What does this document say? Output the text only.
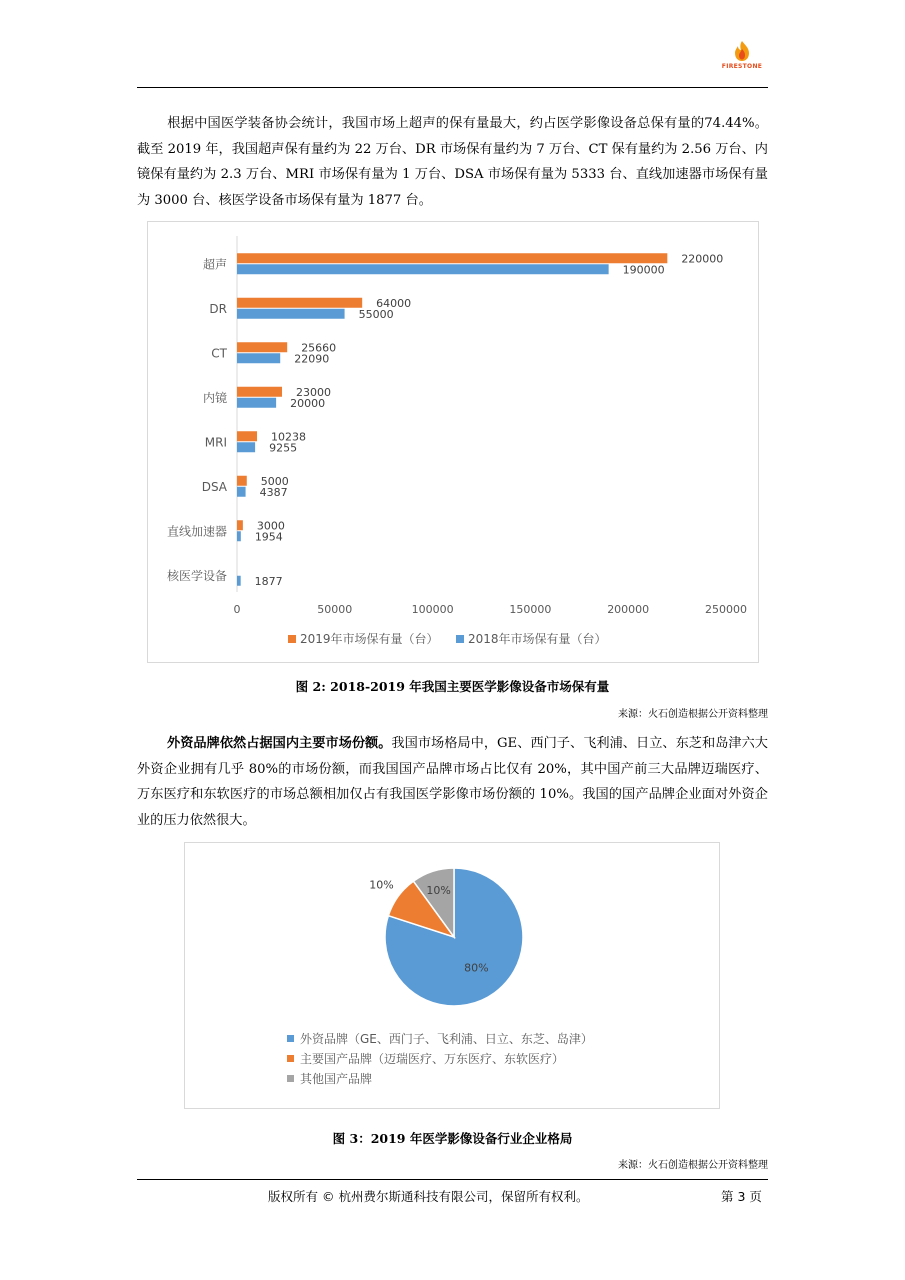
FIRESTONE
根据中国医学装备协会统计，我国市场上超声的保有量最大，约占医学影像设备总保有量的74.44%。截至 2019 年，我国超声保有量约为 22 万台、DR 市场保有量约为 7 万台、CT 保有量约为 2.56 万台、内镜保有量约为 2.3 万台、MRI 市场保有量为 1 万台、DSA 市场保有量为 5333 台、直线加速器市场保有量为 3000 台、核医学设备市场保有量为 1877 台。
超声	220000
190000
DR	64000
55000
CT	25660
22090
内镜	23000
20000
MRI	10238
9255
DSA	5000
4387
直线加速器	3000
1954
核医学设备	1877
0	50000	100000	150000	200000	250000
2019年市场保有量（台） 2018年市场保有量（台）
图 2: 2018-2019 年我国主要医学影像设备市场保有量
来源：火石创造根据公开资料整理
外资品牌依然占据国内主要市场份额。我国市场格局中，GE、西门子、飞利浦、日立、东芝和岛津六大外资企业拥有几乎 80%的市场份额，而我国国产品牌市场占比仅有 20%，其中国产前三大品牌迈瑞医疗、万东医疗和东软医疗的市场总额相加仅占有我国医学影像市场份额的 10%。我国的国产品牌企业面对外资企业的压力依然很大。
80%
10%	10%
外资品牌（GE、西门子、飞利浦、日立、东芝、岛津）
主要国产品牌（迈瑞医疗、万东医疗、东软医疗）
其他国产品牌
图 3：2019 年医学影像设备行业企业格局
来源：火石创造根据公开资料整理
版权所有 © 杭州费尔斯通科技有限公司，保留所有权利。	第 3 页
